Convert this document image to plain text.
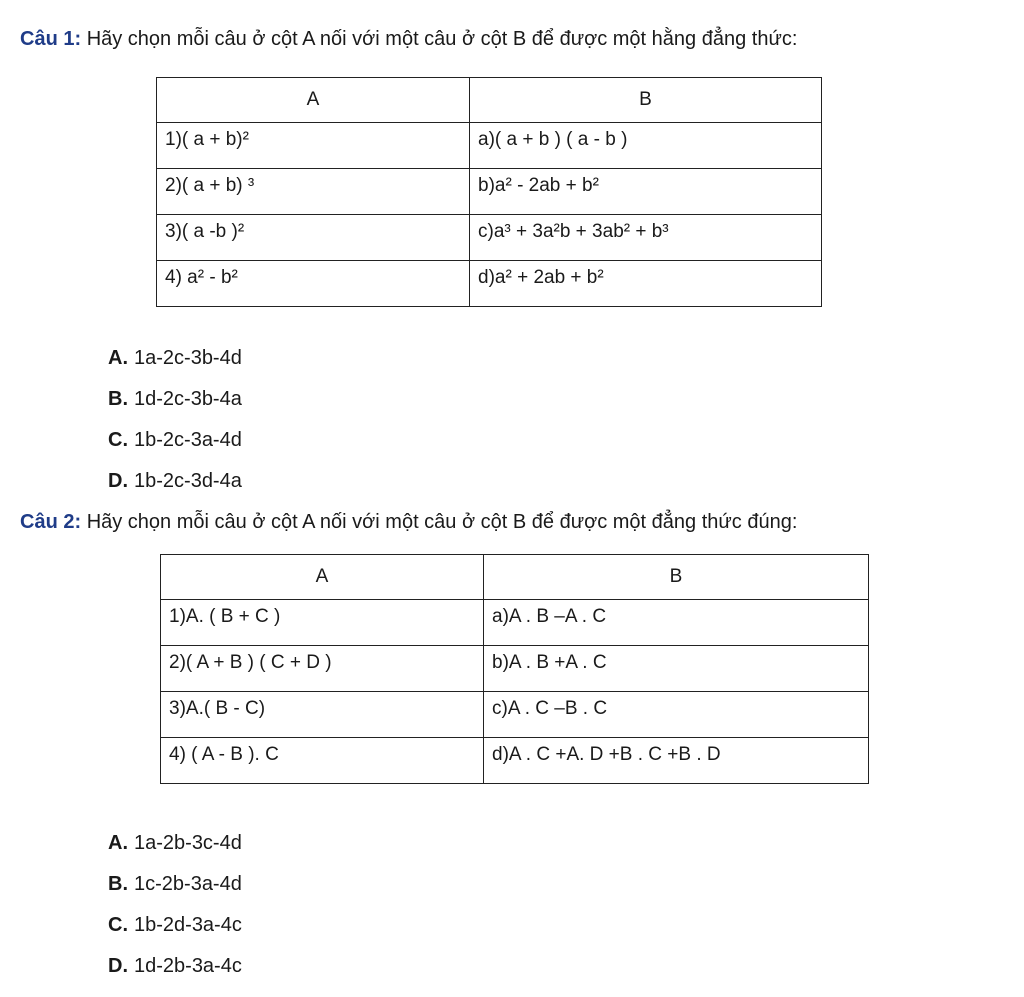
Câu 1: Hãy chọn mỗi câu ở cột A nối với một câu ở cột B để được một hằng đẳng thức:
A	B
1)( a + b)²	a)( a + b ) ( a - b )
2)( a + b) ³	b)a² - 2ab + b²
3)( a -b )²	c)a³ + 3a²b + 3ab² + b³
4) a² - b²	d)a² + 2ab + b²
A. 1a-2c-3b-4d
B. 1d-2c-3b-4a
C. 1b-2c-3a-4d
D. 1b-2c-3d-4a
Câu 2: Hãy chọn mỗi câu ở cột A nối với một câu ở cột B để được một đẳng thức đúng:
A	B
1)A. ( B + C )	a)A . B –A . C
2)( A + B ) ( C + D )	b)A . B +A . C
3)A.( B - C)	c)A . C –B . C
4) ( A - B ). C	d)A . C +A. D +B . C +B . D
A. 1a-2b-3c-4d
B. 1c-2b-3a-4d
C. 1b-2d-3a-4c
D. 1d-2b-3a-4c
